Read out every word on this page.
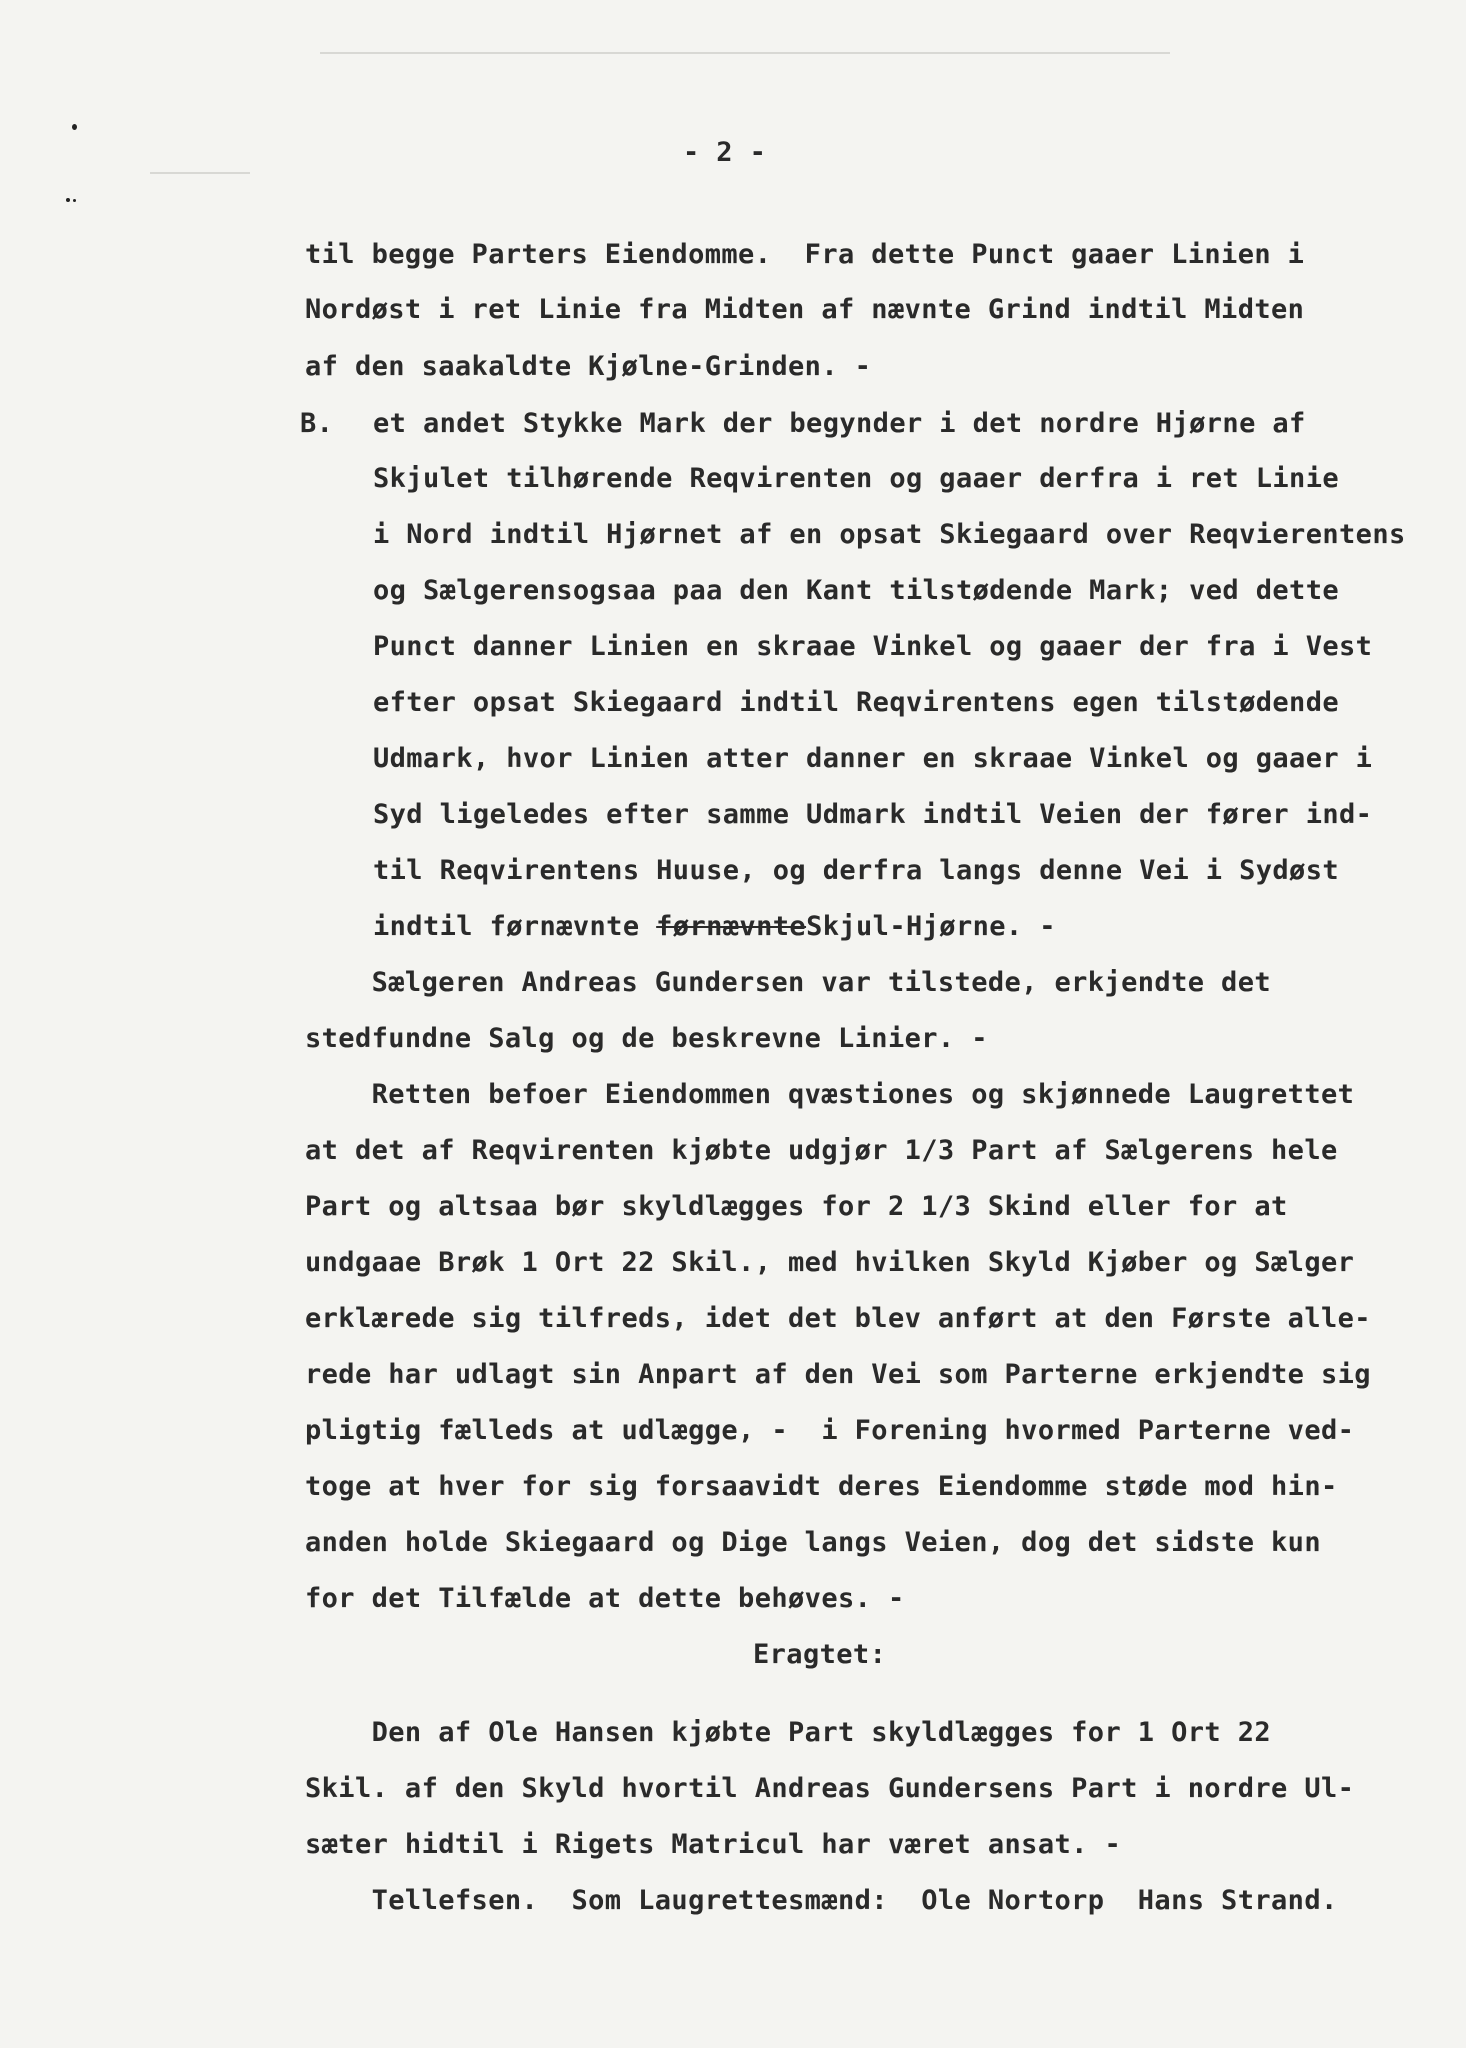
- 2 -
til begge Parters Eiendomme.  Fra dette Punct gaaer Linien i
Nordøst i ret Linie fra Midten af nævnte Grind indtil Midten
af den saakaldte Kjølne-Grinden. -
B. et andet Stykke Mark der begynder i det nordre Hjørne af
Skjulet tilhørende Reqvirenten og gaaer derfra i ret Linie
i Nord indtil Hjørnet af en opsat Skiegaard over Reqvierentens
og Sælgerensogsaa paa den Kant tilstødende Mark; ved dette
Punct danner Linien en skraae Vinkel og gaaer der fra i Vest
efter opsat Skiegaard indtil Reqvirentens egen tilstødende
Udmark, hvor Linien atter danner en skraae Vinkel og gaaer i
Syd ligeledes efter samme Udmark indtil Veien der fører ind-
til Reqvirentens Huuse, og derfra langs denne Vei i Sydøst
indtil førnævnte førnævnteSkjul-Hjørne. -
Sælgeren Andreas Gundersen var tilstede, erkjendte det
stedfundne Salg og de beskrevne Linier. -
Retten befoer Eiendommen qvæstiones og skjønnede Laugrettet
at det af Reqvirenten kjøbte udgjør 1/3 Part af Sælgerens hele
Part og altsaa bør skyldlægges for 2 1/3 Skind eller for at
undgaae Brøk 1 Ort 22 Skil., med hvilken Skyld Kjøber og Sælger
erklærede sig tilfreds, idet det blev anført at den Første alle-
rede har udlagt sin Anpart af den Vei som Parterne erkjendte sig
pligtig fælleds at udlægge, -  i Forening hvormed Parterne ved-
toge at hver for sig forsaavidt deres Eiendomme støde mod hin-
anden holde Skiegaard og Dige langs Veien, dog det sidste kun
for det Tilfælde at dette behøves. -
Eragtet:
Den af Ole Hansen kjøbte Part skyldlægges for 1 Ort 22
Skil. af den Skyld hvortil Andreas Gundersens Part i nordre Ul-
sæter hidtil i Rigets Matricul har været ansat. -
Tellefsen.  Som Laugrettesmænd:  Ole Nortorp  Hans Strand.
